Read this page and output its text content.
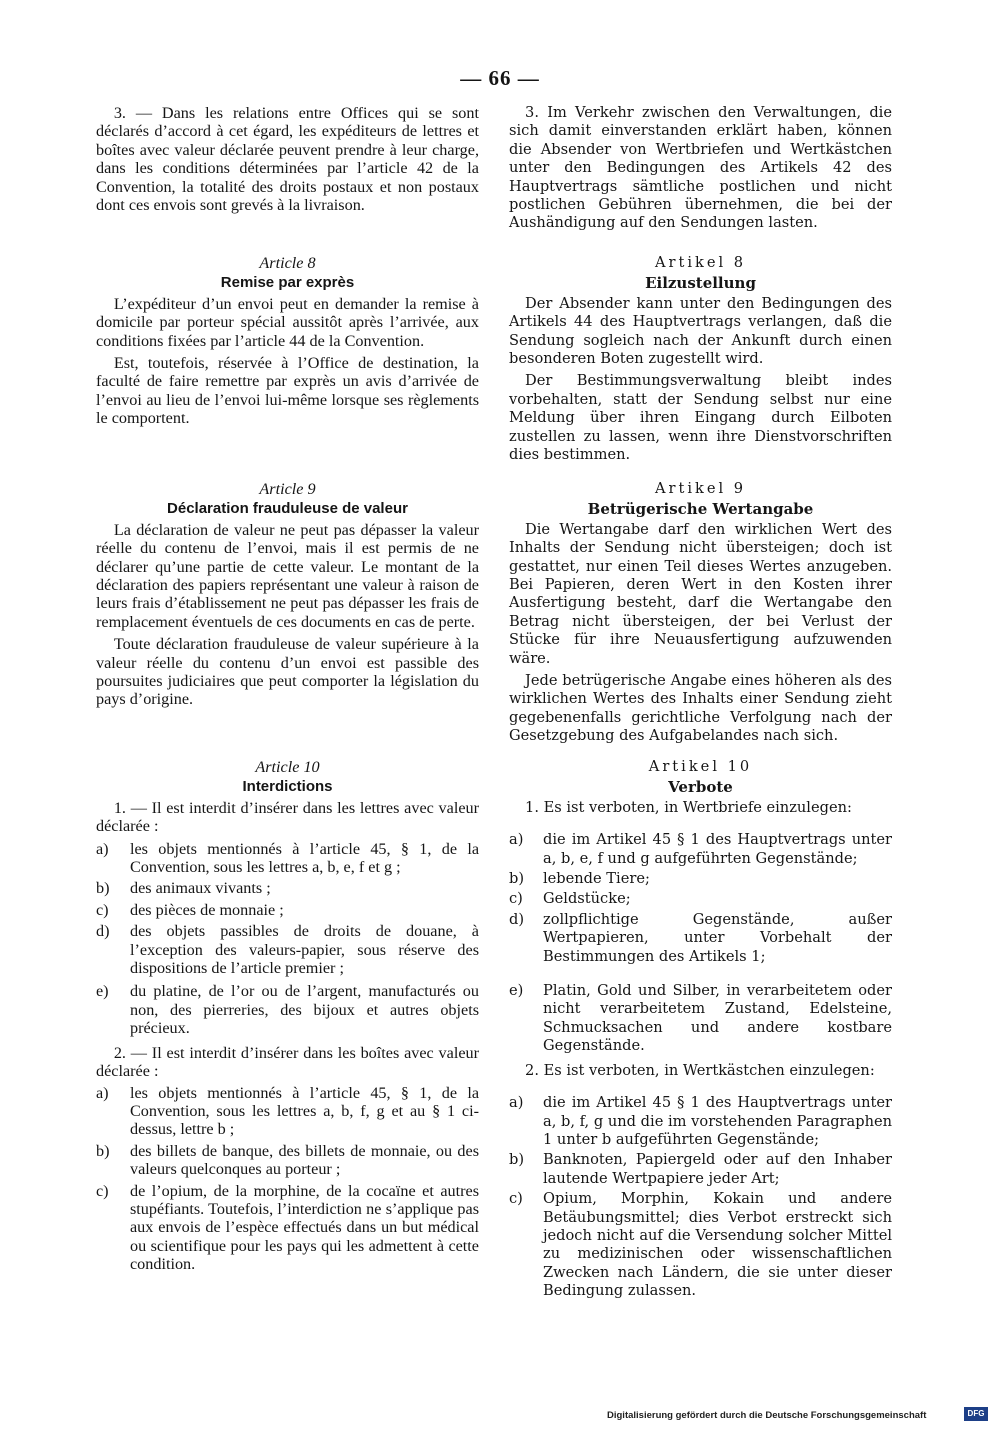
— 66 —

3. — Dans les relations entre Offices qui se sont déclarés d’accord à cet égard, les expéditeurs de lettres et boîtes avec valeur déclarée peuvent prendre à leur charge, dans les conditions déterminées par l’article 42 de la Convention, la totalité des droits postaux et non postaux dont ces envois sont grevés à la livraison.

Article 8
Remise par exprès

L’expéditeur d’un envoi peut en demander la remise à domicile par porteur spécial aussitôt après l’arrivée, aux conditions fixées par l’article 44 de la Convention.

Est, toutefois, réservée à l’Office de destination, la faculté de faire remettre par exprès un avis d’arrivée de l’envoi au lieu de l’envoi lui-même lorsque ses règlements le comportent.

Article 9
Déclaration frauduleuse de valeur

La déclaration de valeur ne peut pas dépasser la valeur réelle du contenu de l’envoi, mais il est permis de ne déclarer qu’une partie de cette valeur. Le montant de la déclaration des papiers représentant une valeur à raison de leurs frais d’établissement ne peut pas dépasser les frais de remplacement éventuels de ces documents en cas de perte.

Toute déclaration frauduleuse de valeur supérieure à la valeur réelle du contenu d’un envoi est passible des poursuites judiciaires que peut comporter la législation du pays d’origine.

Article 10
Interdictions

1. — Il est interdit d’insérer dans les lettres avec valeur déclarée :

a) les objets mentionnés à l’article 45, § 1, de la Convention, sous les lettres a, b, e, f et g ;
b) des animaux vivants ;
c) des pièces de monnaie ;
d) des objets passibles de droits de douane, à l’exception des valeurs-papier, sous réserve des dispositions de l’article premier ;
e) du platine, de l’or ou de l’argent, manufacturés ou non, des pierreries, des bijoux et autres objets précieux.

2. — Il est interdit d’insérer dans les boîtes avec valeur déclarée :

a) les objets mentionnés à l’article 45, § 1, de la Convention, sous les lettres a, b, f, g et au § 1 ci-dessus, lettre b ;
b) des billets de banque, des billets de monnaie, ou des valeurs quelconques au porteur ;
c) de l’opium, de la morphine, de la cocaïne et autres stupéfiants. Toutefois, l’interdiction ne s’applique pas aux envois de l’espèce effectués dans un but médical ou scientifique pour les pays qui les admettent à cette condition.

3. Im Verkehr zwischen den Verwaltungen, die sich damit einverstanden erklärt haben, können die Absender von Wertbriefen und Wertkästchen unter den Bedingungen des Artikels 42 des Hauptvertrags sämtliche postlichen und nicht postlichen Gebühren übernehmen, die bei der Aushändigung auf den Sendungen lasten.

Artikel 8
Eilzustellung

Der Absender kann unter den Bedingungen des Artikels 44 des Hauptvertrags verlangen, daß die Sendung sogleich nach der Ankunft durch einen besonderen Boten zugestellt wird.

Der Bestimmungsverwaltung bleibt indes vorbehalten, statt der Sendung selbst nur eine Meldung über ihren Eingang durch Eilboten zustellen zu lassen, wenn ihre Dienstvorschriften dies bestimmen.

Artikel 9
Betrügerische Wertangabe

Die Wertangabe darf den wirklichen Wert des Inhalts der Sendung nicht übersteigen; doch ist gestattet, nur einen Teil dieses Wertes anzugeben. Bei Papieren, deren Wert in den Kosten ihrer Ausfertigung besteht, darf die Wertangabe den Betrag nicht übersteigen, der bei Verlust der Stücke für ihre Neuausfertigung aufzuwenden wäre.

Jede betrügerische Angabe eines höheren als des wirklichen Wertes des Inhalts einer Sendung zieht gegebenenfalls gerichtliche Verfolgung nach der Gesetzgebung des Aufgabelandes nach sich.

Artikel 10
Verbote

1. Es ist verboten, in Wertbriefe einzulegen:

a) die im Artikel 45 § 1 des Hauptvertrags unter a, b, e, f und g aufgeführten Gegenstände;
b) lebende Tiere;
c) Geldstücke;
d) zollpflichtige Gegenstände, außer Wertpapieren, unter Vorbehalt der Bestimmungen des Artikels 1;
e) Platin, Gold und Silber, in verarbeitetem oder nicht verarbeitetem Zustand, Edelsteine, Schmucksachen und andere kostbare Gegenstände.

2. Es ist verboten, in Wertkästchen einzulegen:

a) die im Artikel 45 § 1 des Hauptvertrags unter a, b, f, g und die im vorstehenden Paragraphen 1 unter b aufgeführten Gegenstände;
b) Banknoten, Papiergeld oder auf den Inhaber lautende Wertpapiere jeder Art;
c) Opium, Morphin, Kokain und andere Betäubungsmittel; dies Verbot erstreckt sich jedoch nicht auf die Versendung solcher Mittel zu medizinischen oder wissenschaftlichen Zwecken nach Ländern, die sie unter dieser Bedingung zulassen.
Digitalisierung gefördert durch die Deutsche Forschungsgemeinschaft	DFG
